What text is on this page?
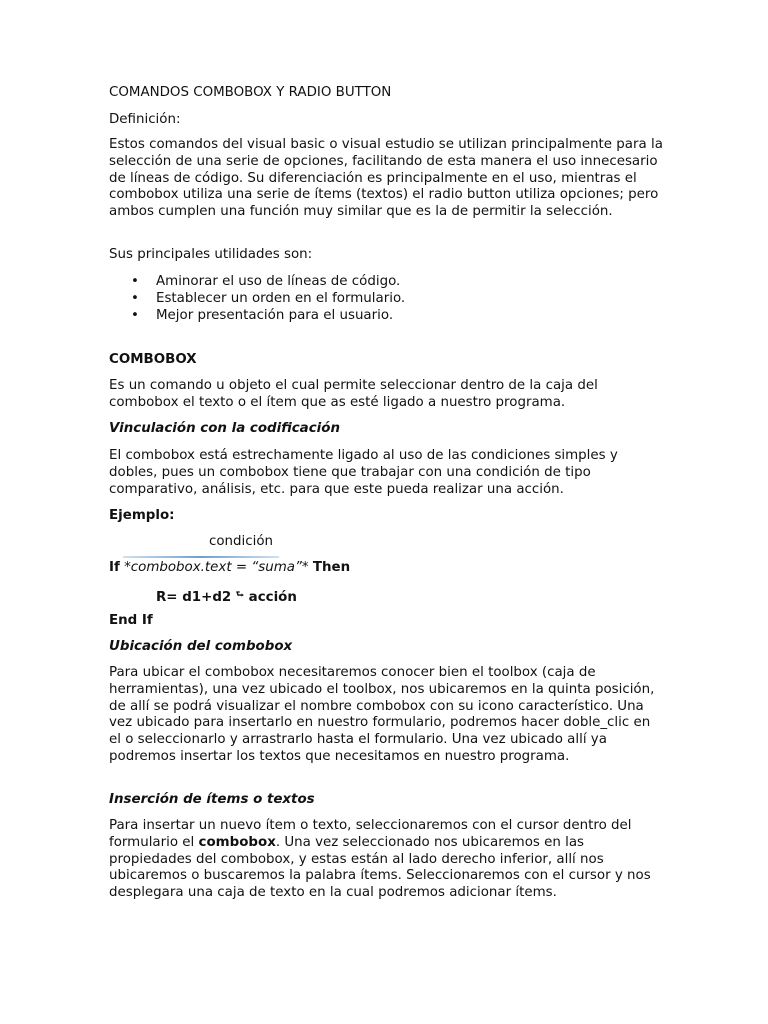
COMANDOS COMBOBOX Y RADIO BUTTON

Definición:

Estos comandos del visual basic o visual estudio se utilizan principalmente para la selección de una serie de opciones, facilitando de esta manera el uso innecesario de líneas de código. Su diferenciación es principalmente en el uso, mientras el combobox utiliza una serie de ítems (textos) el radio button utiliza opciones; pero ambos cumplen una función muy similar que es la de permitir la selección.

Sus principales utilidades son:

• Aminorar el uso de líneas de código.
• Establecer un orden en el formulario.
• Mejor presentación para el usuario.

COMBOBOX

Es un comando u objeto el cual permite seleccionar dentro de la caja del combobox el texto o el ítem que as esté ligado a nuestro programa.

Vinculación con la codificación

El combobox está estrechamente ligado al uso de las condiciones simples y dobles, pues un combobox tiene que trabajar con una condición de tipo comparativo, análisis, etc. para que este pueda realizar una acción.

Ejemplo:

condición

If *combobox.text = “suma”* Then

R= d1+d2 ⮑ acción

End If

Ubicación del combobox

Para ubicar el combobox necesitaremos conocer bien el toolbox (caja de herramientas), una vez ubicado el toolbox, nos ubicaremos en la quinta posición, de allí se podrá visualizar el nombre combobox con su icono característico. Una vez ubicado para insertarlo en nuestro formulario, podremos hacer doble_clic en el o seleccionarlo y arrastrarlo hasta el formulario. Una vez ubicado allí ya podremos insertar los textos que necesitamos en nuestro programa.

Inserción de ítems o textos

Para insertar un nuevo ítem o texto, seleccionaremos con el cursor dentro del formulario el combobox. Una vez seleccionado nos ubicaremos en las propiedades del combobox, y estas están al lado derecho inferior, allí nos ubicaremos o buscaremos la palabra ítems. Seleccionaremos con el cursor y nos desplegara una caja de texto en la cual podremos adicionar ítems.
